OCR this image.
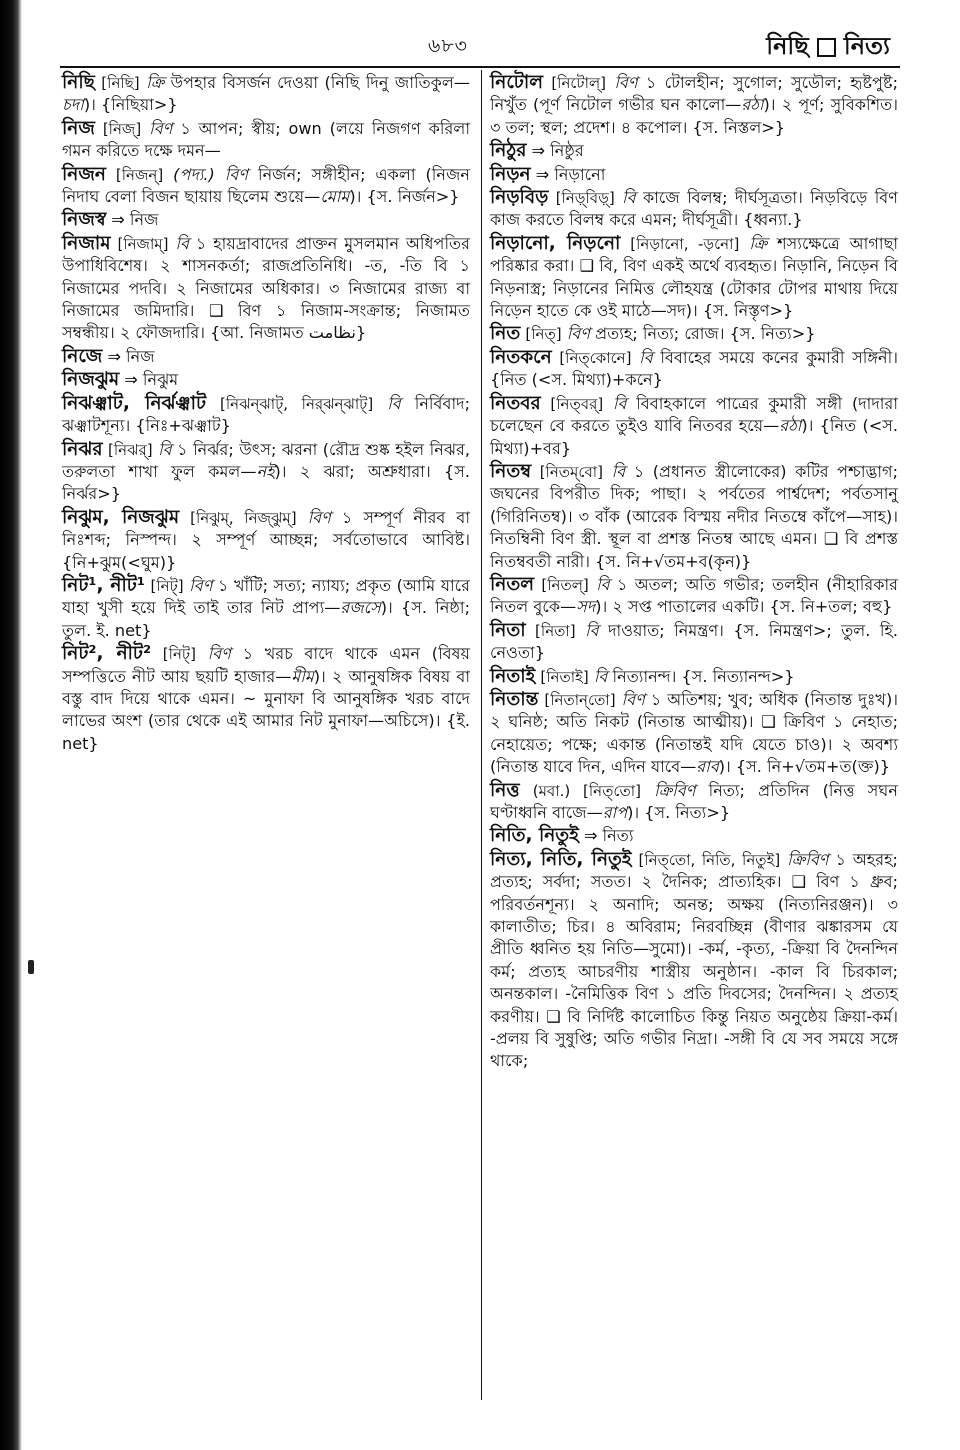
৬৮৩	নিছি নিত্য
নিছি [নিছি] ক্রি উপহার বিসর্জন দেওয়া (নিছি দিনু জাতিকুল—চদা)। {নিছিয়া>}
নিজ [নিজ্] বিণ ১ আপন; স্বীয়; own (লয়ে নিজগণ করিলা গমন করিতে দক্ষে দমন—
নিজন [নিজন্] (পদ্য.) বিণ নির্জন; সঙ্গীহীন; একলা (নিজন নিদাঘ বেলা বিজন ছায়ায় ছিলেম শুয়ে—মোম)। {স. নির্জন>}
নিজস্ব ⇒ নিজ
নিজাম [নিজাম্] বি ১ হায়দ্রাবাদের প্রাক্তন মুসলমান অধিপতির উপাধিবিশেষ। ২ শাসনকর্তা; রাজপ্রতিনিধি। -ত, -তি বি ১ নিজামের পদবি। ২ নিজামের অধিকার। ৩ নিজামের রাজ্য বা নিজামের জমিদারি। ❑ বিণ ১ নিজাম-সংক্রান্ত; নিজামত সম্বন্ধীয়। ২ ফৌজদারি। {আ. নিজামত نظامت}
নিজে ⇒ নিজ
নিজঝুম ⇒ নিঝুম
নিঝঞ্ঝাট, নির্ঝঞ্ঝাট [নিঝন্‌ঝাট্, নির্‌ঝন্‌ঝাট্] বি নির্বিবাদ; ঝঞ্ঝাটশূন্য। {নিঃ+ঝঞ্ঝাট}
নিঝর [নিঝর্] বি ১ নির্ঝর; উৎস; ঝরনা (রৌদ্র শুষ্ক হইল নিঝর, তরুলতা শাখা ফুল কমল—নই)। ২ ঝরা; অশ্রুধারা। {স. নির্ঝর>}
নিঝুম, নিজঝুম [নিঝুম্, নিজ্‌ঝুম্] বিণ ১ সম্পূর্ণ নীরব বা নিঃশব্দ; নিস্পন্দ। ২ সম্পূর্ণ আচ্ছন্ন; সর্বতোভাবে আবিষ্ট। {নি+ঝুম(<ঘুম)}
নিট¹, নীট¹ [নিট্] বিণ ১ খাঁটি; সত্য; ন্যায্য; প্রকৃত (আমি যারে যাহা খুসী হয়ে দিই তাই তার নিট প্রাপ্য—রজসে)। {স. নিষ্ঠা; তুল. ই. net}
নিট², নীট² [নিট্] বিণ ১ খরচ বাদে থাকে এমন (বিষয় সম্পত্তিতে নীট আয় ছয়টি হাজার—মীম)। ২ আনুষঙ্গিক বিষয় বা বস্তু বাদ দিয়ে থাকে এমন। ~ মুনাফা বি আনুষঙ্গিক খরচ বাদে লাভের অংশ (তার থেকে এই আমার নিট মুনাফা—অচিসে)। {ই. net}
নিটোল [নিটোল্] বিণ ১ টোলহীন; সুগোল; সুডৌল; হৃষ্টপুষ্ট; নিখুঁত (পূর্ণ নিটোল গভীর ঘন কালো—রঠা)। ২ পূর্ণ; সুবিকশিত। ৩ তল; স্থল; প্রদেশ। ৪ কপোল। {স. নিস্তল>}
নিঠুর ⇒ নিষ্ঠুর
নিড়ন ⇒ নিড়ানো
নিড়বিড় [নিড়্‌বিড়্] বি কাজে বিলম্ব; দীর্ঘসূত্রতা। নিড়বিড়ে বিণ কাজ করতে বিলম্ব করে এমন; দীর্ঘসূত্রী। {ধ্বন্যা.}
নিড়ানো, নিড়নো [নিড়ানো, -ড়নো] ক্রি শস্যক্ষেত্রে আগাছা পরিষ্কার করা। ❑ বি, বিণ একই অর্থে ব্যবহৃত। নিড়ানি, নিড়েন বি নিড়নাস্ত্র; নিড়ানের নিমিত্ত লৌহযন্ত্র (টোকার টোপর মাথায় দিয়ে নিড়েন হাতে কে ওই মাঠে—সদ)। {স. নিস্তৃণ>}
নিত [নিত্] বিণ প্রত্যহ; নিত্য; রোজ। {স. নিত্য>}
নিতকনে [নিত্‌কোনে] বি বিবাহের সময়ে কনের কুমারী সঙ্গিনী। {নিত (<স. মিথ্যা)+কনে}
নিতবর [নিত্‌বর্] বি বিবাহকালে পাত্রের কুমারী সঙ্গী (দাদারা চলেছেন বে করতে তুইও যাবি নিতবর হয়ে—রঠা)। {নিত (<স. মিথ্যা)+বর}
নিতম্ব [নিতম্‌বো] বি ১ (প্রধানত স্ত্রীলোকের) কটির পশ্চাদ্ভাগ; জঘনের বিপরীত দিক; পাছা। ২ পর্বতের পার্শ্বদেশ; পর্বতসানু (গিরিনিতম্ব)। ৩ বাঁক (আরেক বিস্ময় নদীর নিতম্বে কাঁপে—সাহ)। নিতম্বিনী বিণ স্ত্রী. স্থূল বা প্রশস্ত নিতম্ব আছে এমন। ❑ বি প্রশস্ত নিতম্ববতী নারী। {স. নি+√তম+ব(কৃন)}
নিতল [নিতল্] বি ১ অতল; অতি গভীর; তলহীন (নীহারিকার নিতল বুকে—সদ)। ২ সপ্ত পাতালের একটি। {স. নি+তল; বহু}
নিতা [নিতা] বি দাওয়াত; নিমন্ত্রণ। {স. নিমন্ত্রণ>; তুল. হি. নেওতা}
নিতাই [নিতাই] বি নিত্যানন্দ। {স. নিত্যানন্দ>}
নিতান্ত [নিতান্‌তো] বিণ ১ অতিশয়; খুব; অধিক (নিতান্ত দুঃখ)। ২ ঘনিষ্ঠ; অতি নিকট (নিতান্ত আত্মীয়)। ❑ ক্রিবিণ ১ নেহাত; নেহায়েত; পক্ষে; একান্ত (নিতান্তই যদি যেতে চাও)। ২ অবশ্য (নিতান্ত যাবে দিন, এদিন যাবে—রাব)। {স. নি+√তম+ত(ক্ত)}
নিত্ত (মবা.) [নিত্‌তো] ক্রিবিণ নিত্য; প্রতিদিন (নিত্ত সঘন ঘণ্টাধ্বনি বাজে—রাপ)। {স. নিত্য>}
নিতি, নিতুই ⇒ নিত্য
নিত্য, নিতি, নিতুই [নিত্‌তো, নিতি, নিতুই] ক্রিবিণ ১ অহরহ; প্রত্যহ; সর্বদা; সতত। ২ দৈনিক; প্রাত্যহিক। ❑ বিণ ১ ধ্রুব; পরিবর্তনশূন্য। ২ অনাদি; অনন্ত; অক্ষয় (নিত্যনিরঞ্জন)। ৩ কালাতীত; চির। ৪ অবিরাম; নিরবচ্ছিন্ন (বীণার ঝঙ্কারসম যে প্রীতি ধ্বনিত হয় নিতি—সুমো)। -কর্ম, -কৃত্য, -ক্রিয়া বি দৈনন্দিন কর্ম; প্রত্যহ আচরণীয় শাস্ত্রীয় অনুষ্ঠান। -কাল বি চিরকাল; অনন্তকাল। -নৈমিত্তিক বিণ ১ প্রতি দিবসের; দৈনন্দিন। ২ প্রত্যহ করণীয়। ❑ বি নির্দিষ্ট কালোচিত কিন্তু নিয়ত অনুষ্ঠেয় ক্রিয়া-কর্ম। -প্রলয় বি সুষুপ্তি; অতি গভীর নিদ্রা। -সঙ্গী বি যে সব সময়ে সঙ্গে থাকে;
